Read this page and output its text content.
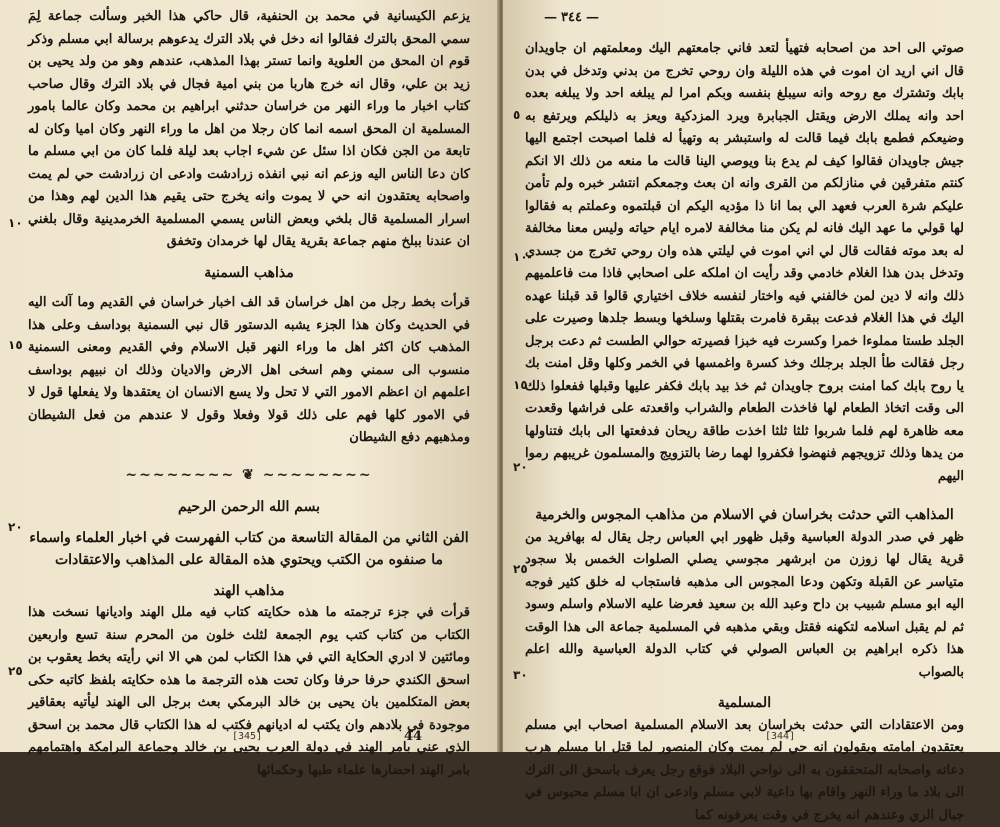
يزعم الكيسانية في محمد بن الحنفية، قال حاكي هذا الخبر وسألت جماعة لِمَ سمي المحق بالترك فقالوا انه دخل في بلاد الترك يدعوهم برسالة ابي مسلم وذكر قوم ان المحق من العلوية وانما تستر بهذا المذهب، عندهم وهو من ولد يحيى بن زيد بن علي، وقال انه خرج هاربا من بني امية فجال في بلاد الترك وقال صاحب كتاب اخبار ما وراء النهر من خراسان حدثني ابراهيم بن محمد وكان عالما بامور المسلمية ان المحق اسمه انما كان رجلا من اهل ما وراء النهر وكان اميا وكان له تابعة من الجن فكان اذا سئل عن شيء اجاب بعد ليلة فلما كان من ابي مسلم ما كان دعا الناس اليه وزعم انه نبي انفذه زرادشت وادعى ان زرادشت حي لم يمت واصحابه يعتقدون انه حي لا يموت وانه يخرج حتى يقيم هذا الدين لهم وهذا من اسرار المسلمية قال بلخي وبعض الناس يسمي المسلمية الخرمدينية وقال بلغني ان عندنا ببلخ منهم جماعة بقرية يقال لها خرمدان وتخفق

مذاهب السمنية

قرأت بخط رجل من اهل خراسان قد الف اخبار خراسان في القديم وما آلت اليه في الحديث وكان هذا الجزء يشبه الدستور قال نبي السمنية بوداسف وعلى هذا المذهب كان اكثر اهل ما وراء النهر قبل الاسلام وفي القديم ومعنى السمنية منسوب الى سمني وهم اسخى اهل الارض والاديان وذلك ان نبيهم بوداسف اعلمهم ان اعظم الامور التي لا تحل ولا يسع الانسان ان يعتقدها ولا يفعلها قول لا في الامور كلها فهم على ذلك قولا وفعلا وقول لا عندهم من فعل الشيطان ومذهبهم دفع الشيطان

~~~~~~~~ ❦ ~~~~~~~~
بسم الله الرحمن الرحيم

الفن الثاني من المقالة التاسعة من كتاب الفهرست في اخبار العلماء واسماء ما صنفوه من الكتب ويحتوي هذه المقالة على المذاهب والاعتقادات

مذاهب الهند

قرأت في جزء ترجمته ما هذه حكايته كتاب فيه ملل الهند واديانها نسخت هذا الكتاب من كتاب كتب يوم الجمعة لثلث خلون من المحرم سنة تسع واربعين ومائتين لا ادري الحكاية التي في هذا الكتاب لمن هي الا اني رأيته بخط يعقوب بن اسحق الكندي حرفا حرفا وكان تحت هذه الترجمة ما هذه حكايته بلفظ كاتبه حكى بعض المتكلمين بان يحيى بن خالد البرمكي بعث برجل الى الهند ليأتيه بعقاقير موجودة في بلادهم وان يكتب له اديانهم فكتب له هذا الكتاب قال محمد بن اسحق الذي عني بامر الهند في دولة العرب يحيى بن خالد وجماعة البرامكة واهتمامهم بامر الهند احضارها علماء طبها وحكمائها

١٠
١٥
٢٠
٢٥
[345]	44

صوتي الى احد من اصحابه فتهيأ لتعد فاني جامعتهم اليك ومعلمتهم ان جاويدان قال اني اريد ان اموت في هذه الليلة وان روحي تخرج من بدني وتدخل في بدن بابك وتشترك مع روحه وانه سيبلغ بنفسه وبكم امرا لم يبلغه احد ولا يبلغه بعده احد وانه يملك الارض ويقتل الجبابرة ويرد المزدكية ويعز به ذليلكم ويرتفع به وضيعكم فطمع بابك فيما قالت له واستبشر به وتهيأ له فلما اصبحت اجتمع اليها جيش جاويدان فقالوا كيف لم يدع بنا ويوصي الينا قالت ما منعه من ذلك الا انكم كنتم متفرقين في منازلكم من القرى وانه ان بعث وجمعكم انتشر خبره ولم تأمن عليكم شرة العرب فعهد الي بما انا ذا مؤديه اليكم ان قبلتموه وعملتم به فقالوا لها قولي ما عهد اليك فانه لم يكن منا مخالفة لامره ايام حياته وليس معنا مخالفة له بعد موته فقالت قال لي اني اموت في ليلتي هذه وان روحي تخرج من جسدي وتدخل بدن هذا الغلام خادمي وقد رأيت ان املكه على اصحابي فاذا مت فاعلميهم ذلك وانه لا دين لمن خالفني فيه واختار لنفسه خلاف اختياري قالوا قد قبلنا عهده اليك في هذا الغلام فدعت ببقرة فامرت بقتلها وسلخها وبسط جلدها وصيرت على الجلد طستا مملوءا خمرا وكسرت فيه خبزا فصيرته حوالي الطست ثم دعت برجل رجل فقالت طأ الجلد برجلك وخذ كسرة واغمسها في الخمر وكلها وقل امنت بك يا روح بابك كما امنت بروح جاويدان ثم خذ بيد بابك فكفر عليها وقبلها ففعلوا ذلك الى وقت اتخاذ الطعام لها فاخذت الطعام والشراب واقعدته على فراشها وقعدت معه ظاهرة لهم فلما شربوا ثلثا ثلثا اخذت طاقة ريحان فدفعتها الى بابك فتناولها من يدها وذلك تزويجهم فنهضوا فكفروا لهما رضا بالتزويج والمسلمون غريبهم رموا اليهم

المذاهب التي حدثت بخراسان في الاسلام من مذاهب المجوس والخرمية

ظهر في صدر الدولة العباسية وقبل ظهور ابي العباس رجل يقال له بهافريد من قرية يقال لها زوزن من ابرشهر مجوسي يصلي الصلوات الخمس بلا سجود متياسر عن القبلة وتكهن ودعا المجوس الى مذهبه فاستجاب له خلق كثير فوجه اليه ابو مسلم شبيب بن داح وعبد الله بن سعيد فعرضا عليه الاسلام واسلم وسود ثم لم يقبل اسلامه لتكهنه فقتل وبقي مذهبه في المسلمية جماعة الى هذا الوقت هذا ذكره ابراهيم بن العباس الصولي في كتاب الدولة العباسية والله اعلم بالصواب

المسلمية

ومن الاعتقادات التي حدثت بخراسان بعد الاسلام المسلمية اصحاب ابي مسلم يعتقدون امامته ويقولون انه حي لم يمت وكان المنصور لما قتل ابا مسلم هرب دعاته واصحابه المتحققون به الى نواحي البلاد فوقع رجل يعرف باسحق الى الترك الى بلاد ما وراء النهر واقام بها داعية لابي مسلم وادعى ان ابا مسلم محبوس في جبال الري وعندهم انه يخرج في وقت يعرفونه كما

٥
١٠
١٥
٢٠
٢٥
٣٠
[344]
— ٣٤٤ —
